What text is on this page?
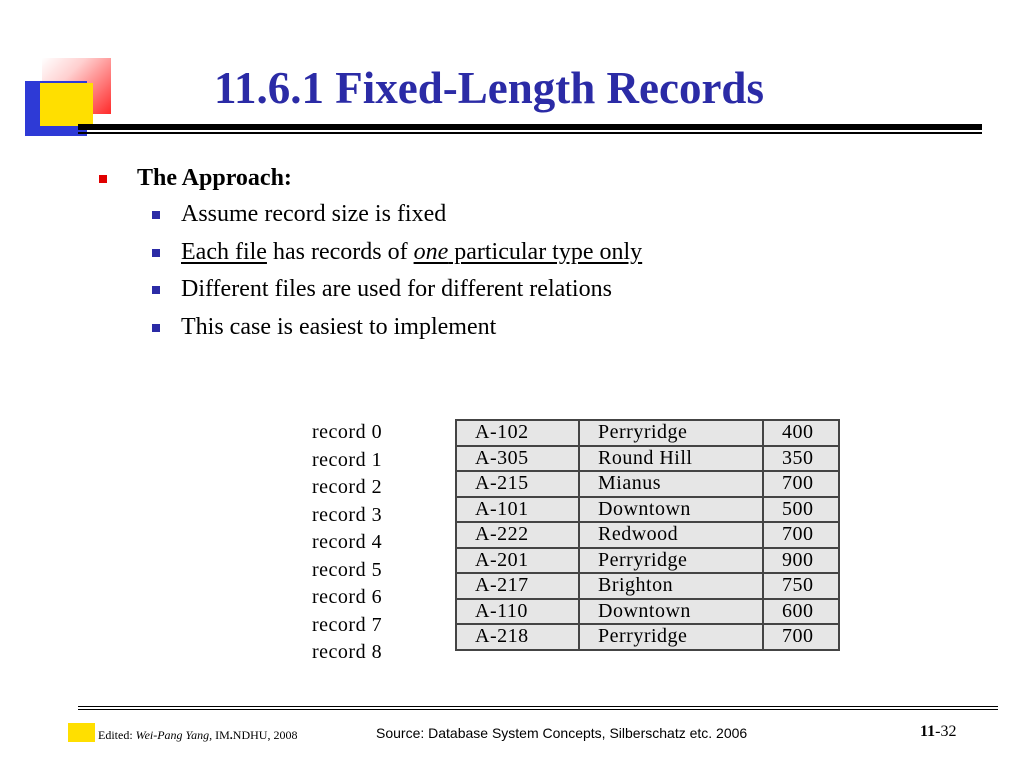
11.6.1 Fixed-Length Records
The Approach:
Assume record size is fixed
Each file has records of one particular type only
Different files are used for different relations
This case is easiest to implement
record 0
record 1
record 2
record 3
record 4
record 5
record 6
record 7
record 8
A-102	Perryridge	400
A-305	Round Hill	350
A-215	Mianus	700
A-101	Downtown	500
A-222	Redwood	700
A-201	Perryridge	900
A-217	Brighton	750
A-110	Downtown	600
A-218	Perryridge	700
Edited: Wei-Pang Yang, IM.NDHU, 2008	Source: Database System Concepts, Silberschatz etc. 2006	11-32
